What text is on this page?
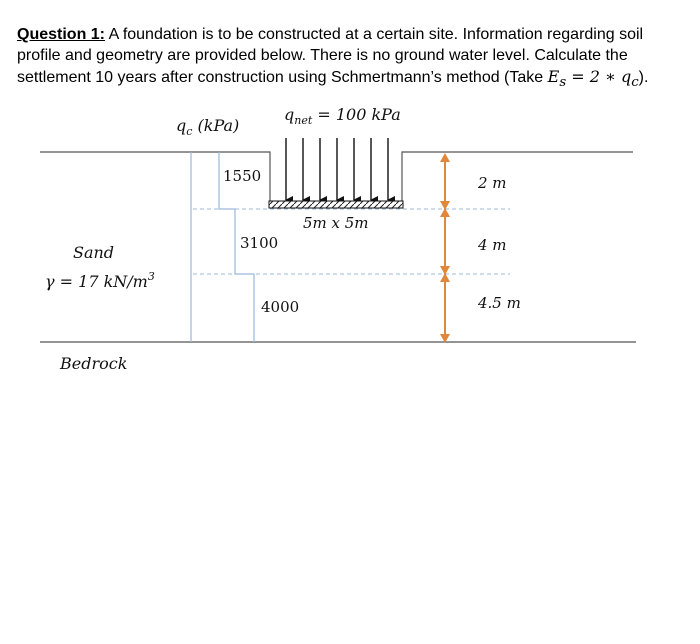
Question 1: A foundation is to be constructed at a certain site. Information regarding soil profile and geometry are provided below. There is no ground water level. Calculate the settlement 10 years after construction using Schmertmann’s method (Take $E_s = 2$ ∗ $q_c$).
$q_c$ (kPa)
$q_{net} = 100$ kPa
1550
3100
4000
5m x 5m
Sand
γ = 17 $kN/m^3$
Bedrock
2 m
4 m
4.5 m
